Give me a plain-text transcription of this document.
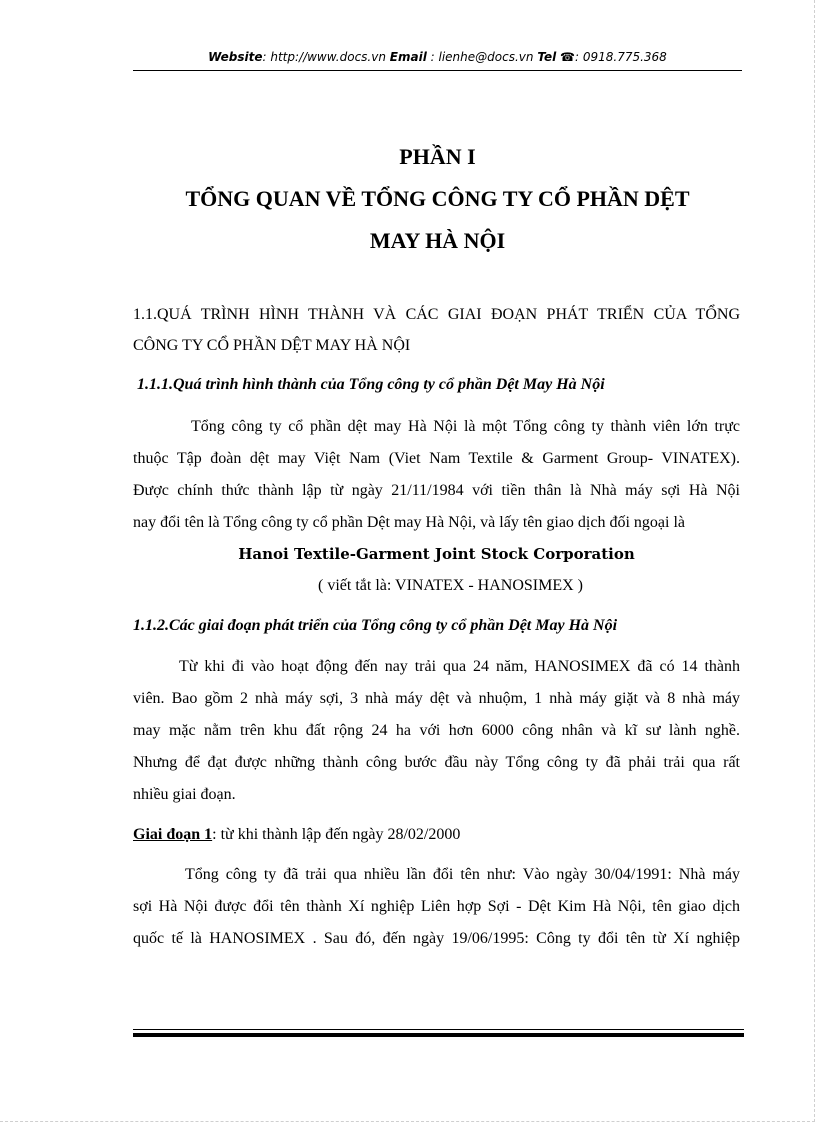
Website: http://www.docs.vn Email : lienhe@docs.vn Tel ☎: 0918.775.368
PHẦN I
TỔNG QUAN VỀ TỔNG CÔNG TY CỔ PHẦN DỆT
MAY HÀ NỘI
1.1.QUÁ TRÌNH HÌNH THÀNH VÀ CÁC GIAI ĐOẠN PHÁT TRIỂN CỦA TỔNG
CÔNG TY CỔ PHẦN DỆT MAY HÀ NỘI
1.1.1.Quá trình hình thành của Tổng công ty cổ phần Dệt May Hà Nội
Tổng công ty cổ phần dệt may Hà Nội là một Tổng công ty thành viên lớn trực
thuộc Tập đoàn dệt may Việt Nam (Viet Nam Textile & Garment Group- VINATEX).
Được chính thức thành lập từ ngày 21/11/1984 với tiền thân là Nhà máy sợi Hà Nội
nay đổi tên là Tổng công ty cổ phần Dệt may Hà Nội, và lấy tên giao dịch đối ngoại là
Hanoi Textile-Garment Joint Stock Corporation
( viết tắt là: VINATEX - HANOSIMEX )
1.1.2.Các giai đoạn phát triển của Tổng công ty cổ phần Dệt May Hà Nội
Từ khi đi vào hoạt động đến nay trải qua 24 năm, HANOSIMEX đã có 14 thành
viên. Bao gồm 2 nhà máy sợi, 3 nhà máy dệt và nhuộm, 1 nhà máy giặt và 8 nhà máy
may mặc nằm trên khu đất rộng 24 ha với hơn 6000 công nhân và kĩ sư lành nghề.
Nhưng để đạt được những thành công bước đầu này Tổng công ty đã phải trải qua rất
nhiều giai đoạn.
Giai đoạn 1: từ khi thành lập đến ngày 28/02/2000
Tổng công ty đã trải qua nhiều lần đổi tên như: Vào ngày 30/04/1991: Nhà máy
sợi Hà Nội được đổi tên thành Xí nghiệp Liên hợp Sợi - Dệt Kim Hà Nội, tên giao dịch
quốc tế là HANOSIMEX . Sau đó, đến ngày 19/06/1995: Công ty đổi tên từ Xí nghiệp
